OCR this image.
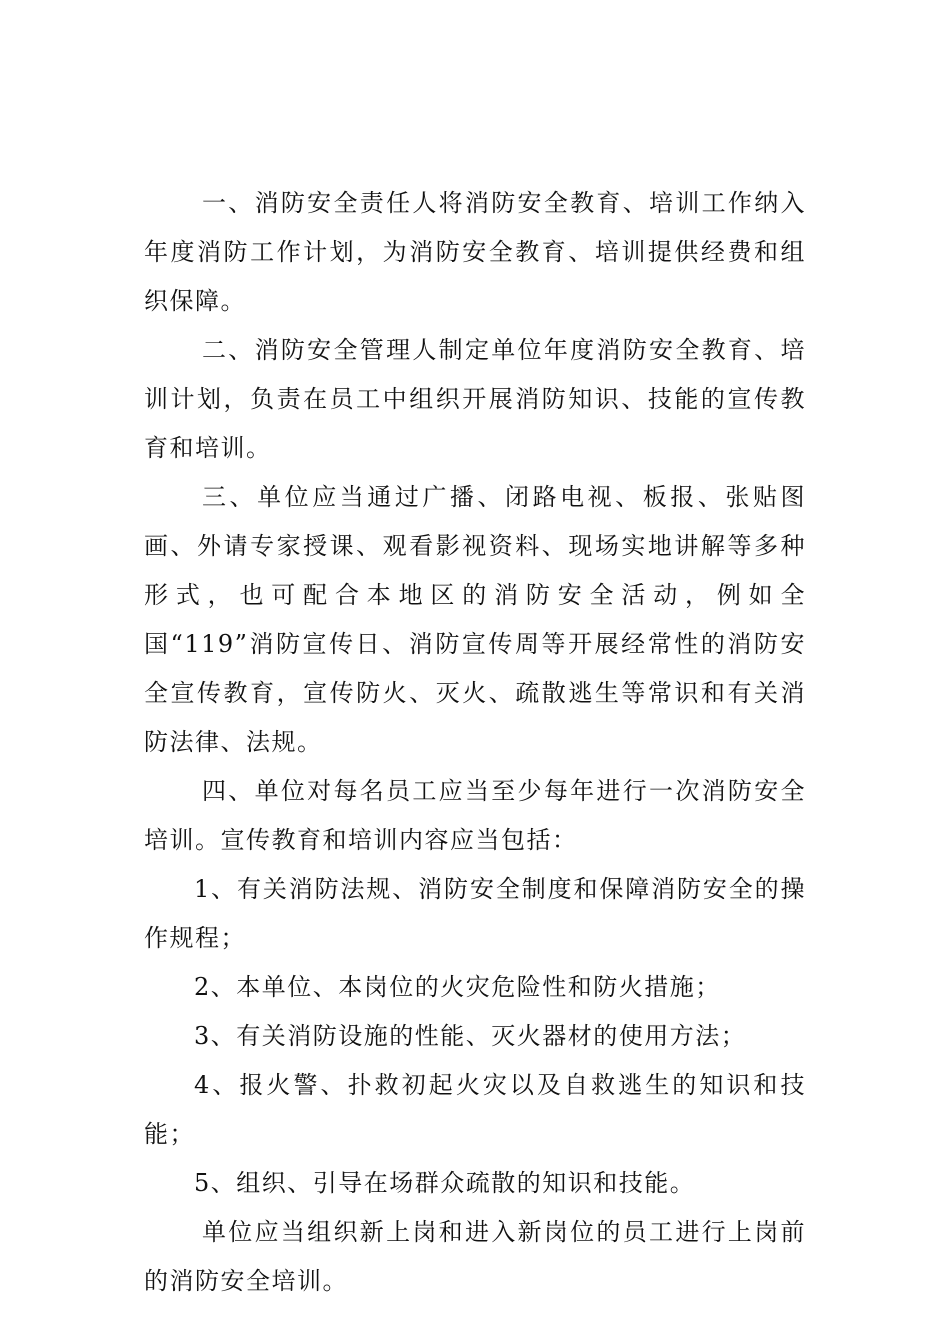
一、消防安全责任人将消防安全教育、培训工作纳入年度消防工作计划，为消防安全教育、培训提供经费和组织保障。

二、消防安全管理人制定单位年度消防安全教育、培训计划，负责在员工中组织开展消防知识、技能的宣传教育和培训。

三、单位应当通过广播、闭路电视、板报、张贴图画、外请专家授课、观看影视资料、现场实地讲解等多种形式，也可配合本地区的消防安全活动，例如全国“119”消防宣传日、消防宣传周等开展经常性的消防安全宣传教育，宣传防火、灭火、疏散逃生等常识和有关消防法律、法规。

四、单位对每名员工应当至少每年进行一次消防安全培训。宣传教育和培训内容应当包括：

1、有关消防法规、消防安全制度和保障消防安全的操作规程；

2、本单位、本岗位的火灾危险性和防火措施；

3、有关消防设施的性能、灭火器材的使用方法；

4、报火警、扑救初起火灾以及自救逃生的知识和技能；

5、组织、引导在场群众疏散的知识和技能。

单位应当组织新上岗和进入新岗位的员工进行上岗前的消防安全培训。
